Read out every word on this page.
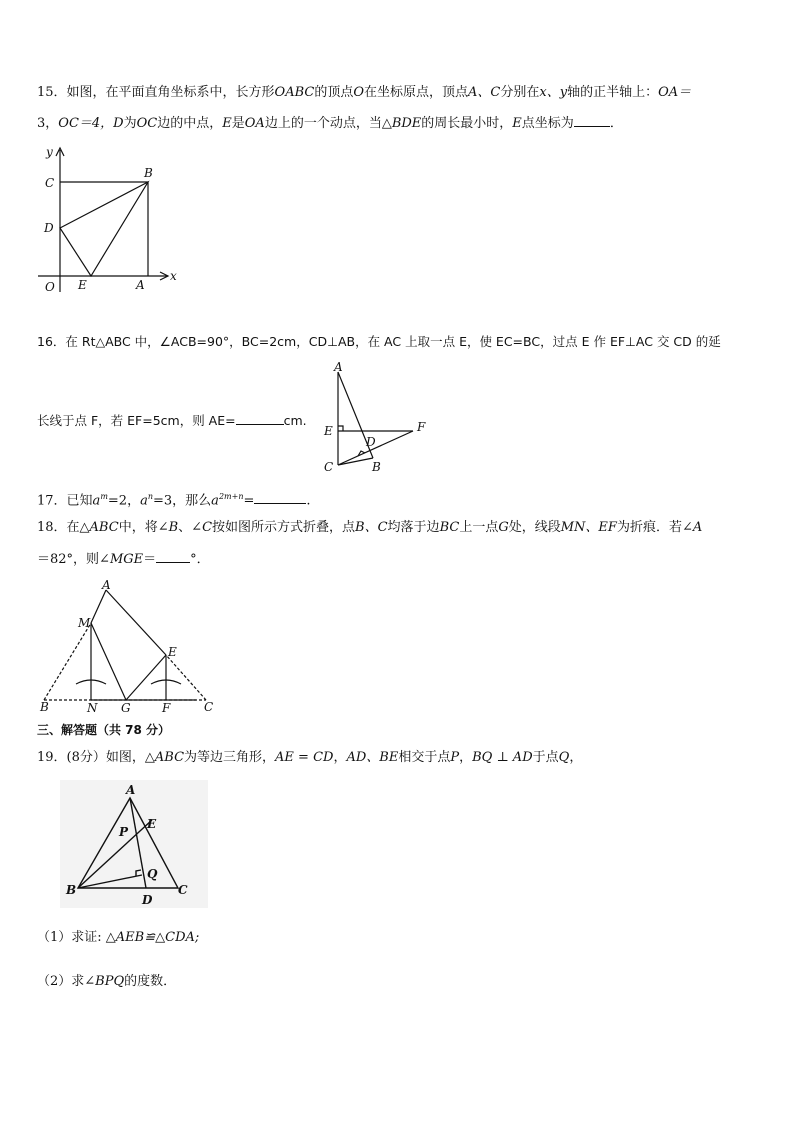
15．如图，在平面直角坐标系中，长方形OABC的顶点O在坐标原点，顶点A、C分别在x、y轴的正半轴上：OA＝
3，OC＝4，D为OC边的中点，E是OA边上的一个动点，当△BDE的周长最小时，E点坐标为	．
y
x
C
B
D
O E	A
16．在 Rt△ABC 中，∠ACB=90°，BC=2cm，CD⊥AB，在 AC 上取一点 E，使 EC=BC，过点 E 作 EF⊥AC 交 CD 的延
长线于点 F，若 EF=5cm，则 AE=	cm.
A
E
D
F
C	B
17．已知$a^m=2$，$a^n=3$，那么$a^{2m+n}=$	.
18．在△ABC中，将∠B、∠C按如图所示方式折叠，点B、C均落于边BC上一点G处，线段MN、EF为折痕．若∠A
＝82°，则∠MGE＝	°．
A
M
E
B	N G	F	C
三、解答题（共 78 分）
19．(8分）如图，△ABC为等边三角形，AE = CD，AD、BE相交于点P，BQ ⊥ AD于点Q，
A
P
E
B
Q
D
C
（1）求证: △AEB≌△CDA;
（2）求∠BPQ的度数．
